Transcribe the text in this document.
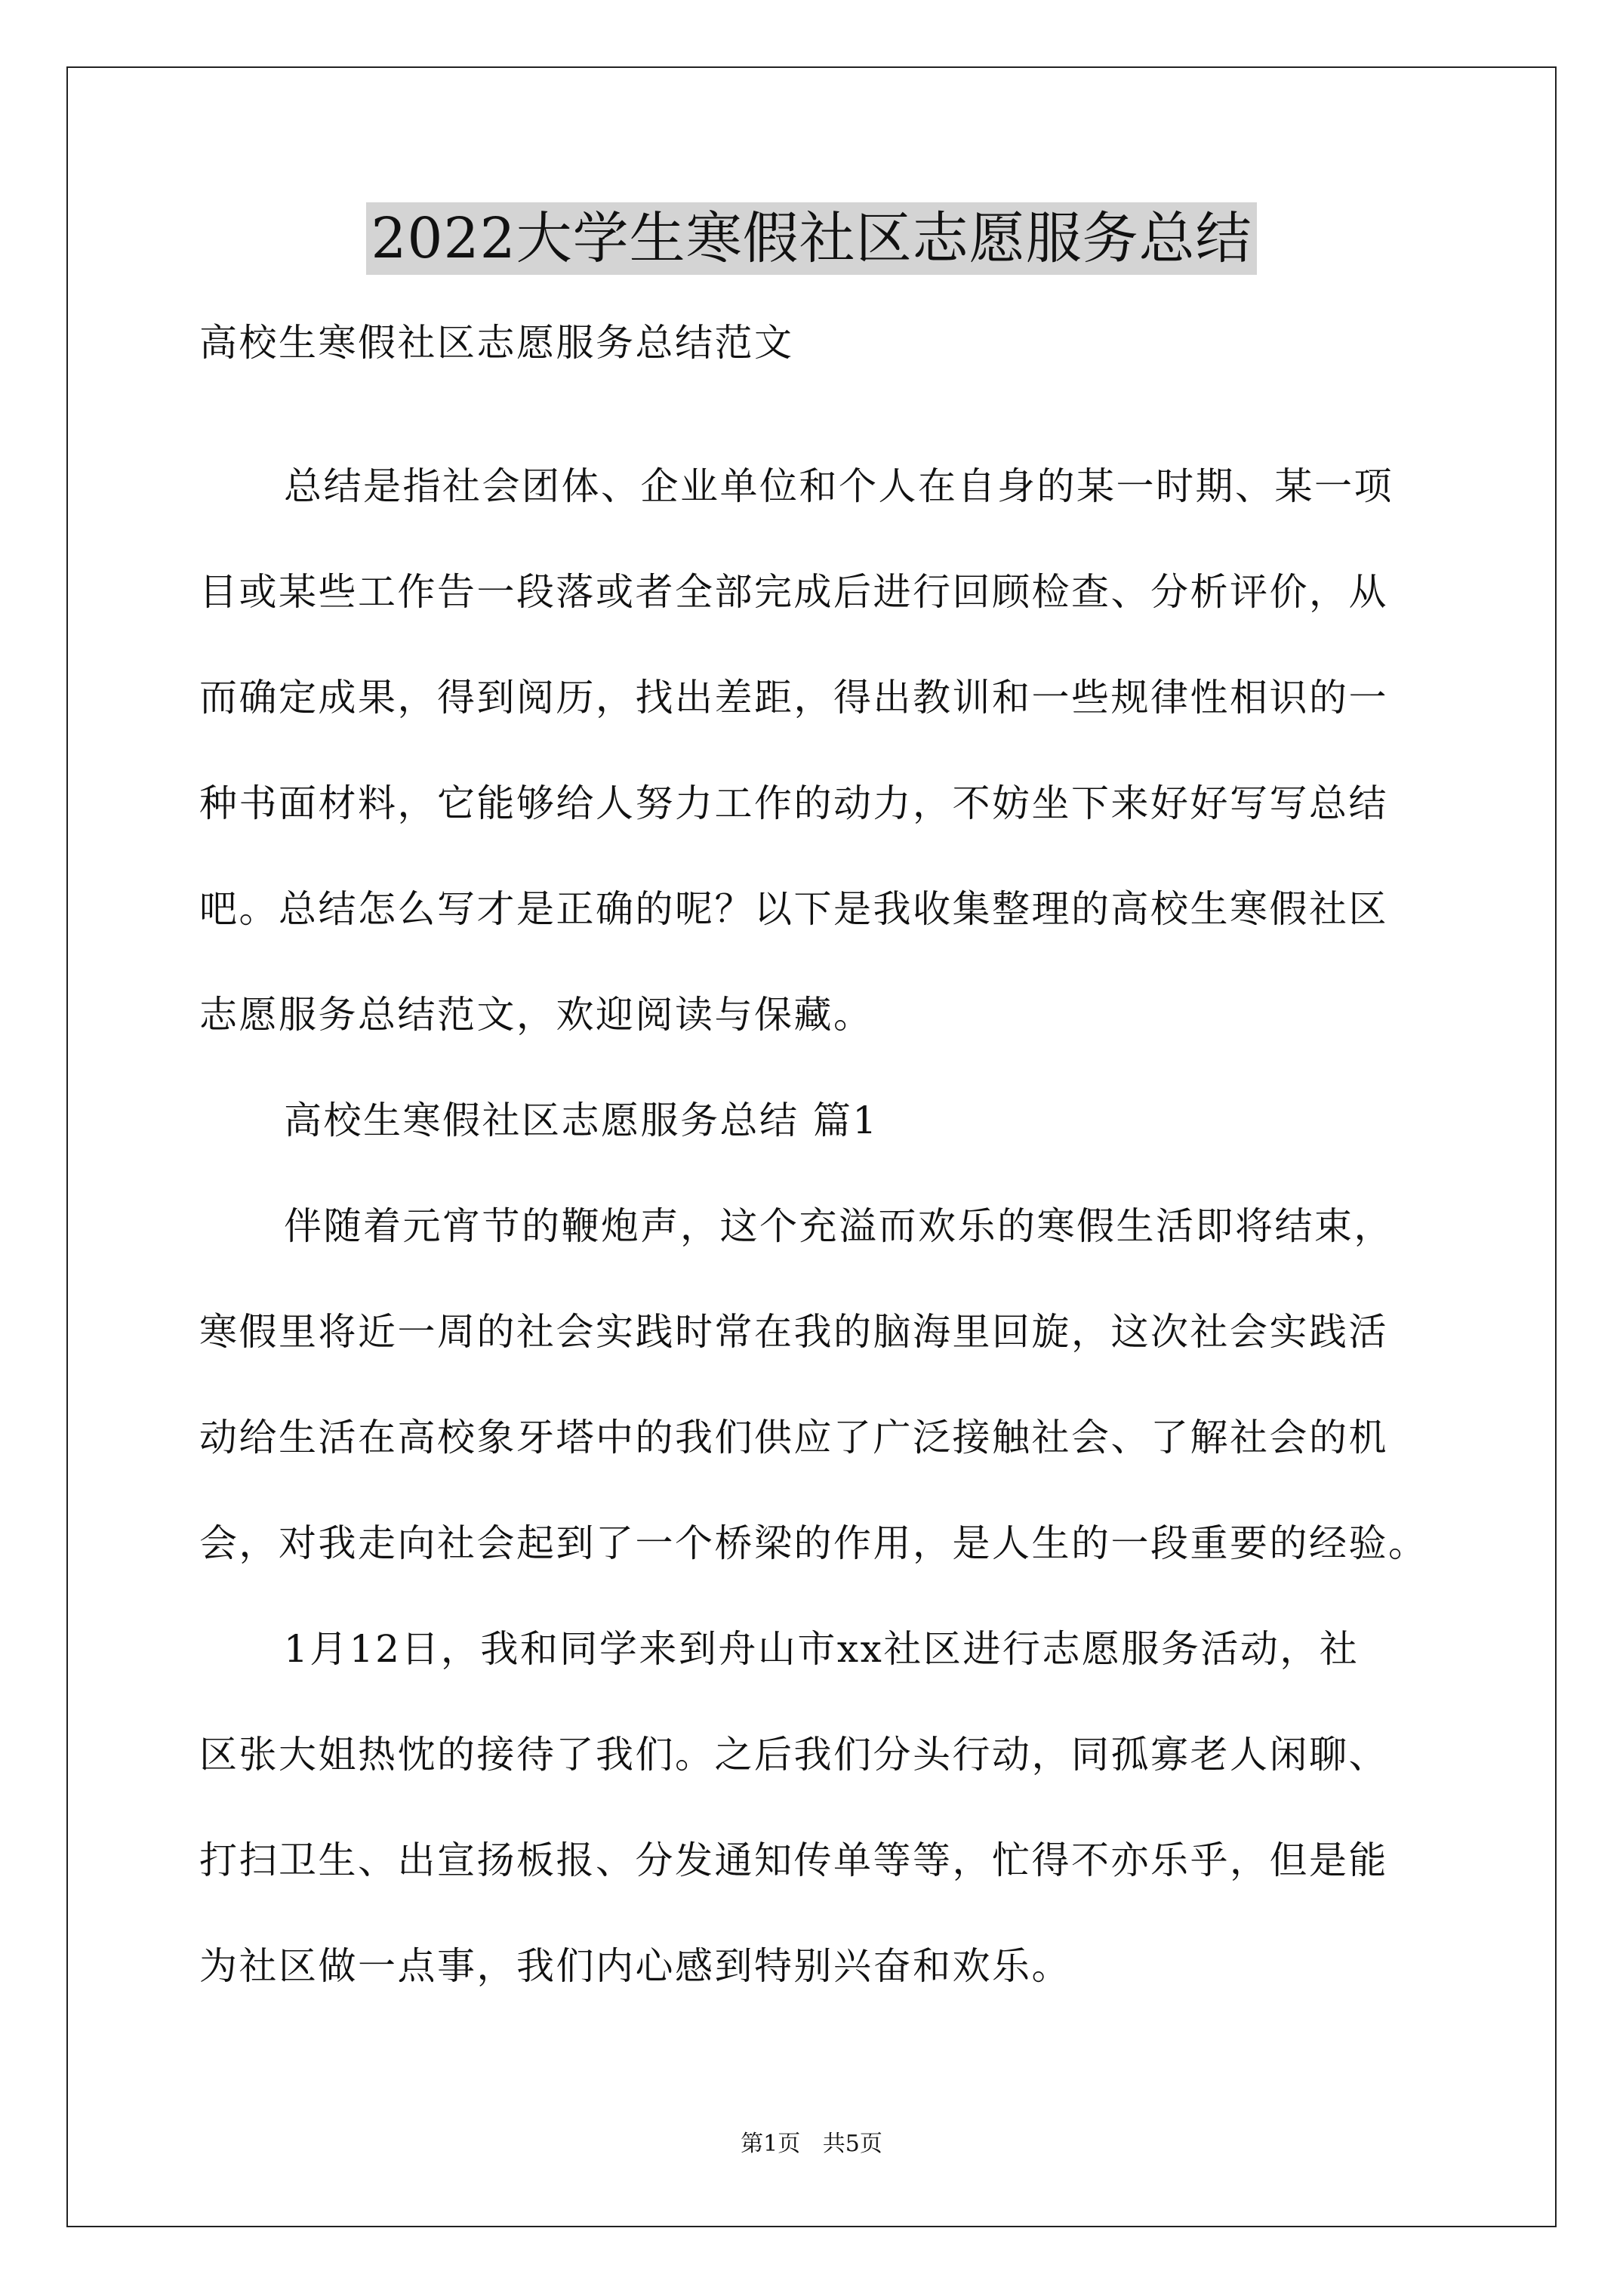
2022大学生寒假社区志愿服务总结
高校生寒假社区志愿服务总结范文
总结是指社会团体、企业单位和个人在自身的某一时期、某一项
目或某些工作告一段落或者全部完成后进行回顾检查、分析评价，从
而确定成果，得到阅历，找出差距，得出教训和一些规律性相识的一
种书面材料，它能够给人努力工作的动力，不妨坐下来好好写写总结
吧。总结怎么写才是正确的呢？以下是我收集整理的高校生寒假社区
志愿服务总结范文，欢迎阅读与保藏。
高校生寒假社区志愿服务总结 篇1
伴随着元宵节的鞭炮声，这个充溢而欢乐的寒假生活即将结束，
寒假里将近一周的社会实践时常在我的脑海里回旋，这次社会实践活
动给生活在高校象牙塔中的我们供应了广泛接触社会、了解社会的机
会，对我走向社会起到了一个桥梁的作用，是人生的一段重要的经验。
1月12日，我和同学来到舟山市xx社区进行志愿服务活动，社
区张大姐热忱的接待了我们。之后我们分头行动，同孤寡老人闲聊、
打扫卫生、出宣扬板报、分发通知传单等等，忙得不亦乐乎，但是能
为社区做一点事，我们内心感到特别兴奋和欢乐。
第1页 共5页
